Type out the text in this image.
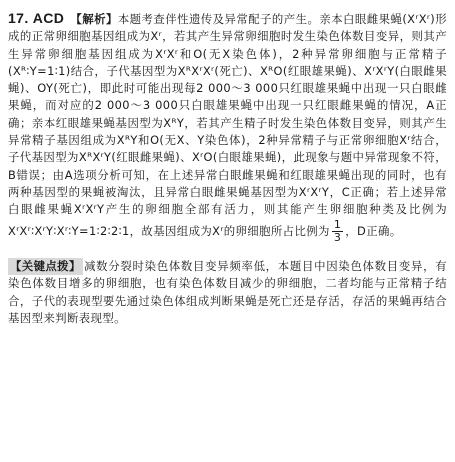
17. ACD 【解析】本题考查伴性遗传及异常配子的产生。亲本白眼雌果蝇(XʳXʳ)形成的正常卵细胞基因组成为Xʳ，若其产生异常卵细胞时发生染色体数目变异，则其产生异常卵细胞基因组成为XʳXʳ和O(无X染色体)，2种异常卵细胞与正常精子(Xᴿ∶Y=1∶1)结合，子代基因型为XᴿXʳXʳ(死亡)、XᴿO(红眼雄果蝇)、XʳXʳY(白眼雌果蝇)、OY(死亡)，即此时可能出现每2 000～3 000只红眼雄果蝇中出现一只白眼雌果蝇，而对应的2 000～3 000只白眼雄果蝇中出现一只红眼雌果蝇的情况，A正确；亲本红眼雄果蝇基因型为XᴿY，若其产生精子时发生染色体数目变异，则其产生异常精子基因组成为XᴿY和O(无X、Y染色体)，2种异常精子与正常卵细胞Xʳ结合，子代基因型为XᴿXʳY(红眼雌果蝇)、XʳO(白眼雄果蝇)，此现象与题中异常现象不符，B错误；由A选项分析可知，在上述异常白眼雌果蝇和红眼雄果蝇出现的同时，也有两种基因型的果蝇被淘汰，且异常白眼雌果蝇基因型为XʳXʳY，C正确；若上述异常白眼雌果蝇XʳXʳY产生的卵细胞全部有活力，则其能产生卵细胞种类及比例为XʳXʳ∶XʳY∶Xʳ∶Y=1∶2∶2∶1，故基因组成为Xʳ的卵细胞所占比例为 $\frac{1}{3}$ ，D正确。
【关键点拨】 减数分裂时染色体数目变异频率低，本题目中因染色体数目变异，有染色体数目增多的卵细胞，也有染色体数目减少的卵细胞，二者均能与正常精子结合，子代的表现型要先通过染色体组成判断果蝇是死亡还是存活，存活的果蝇再结合基因型来判断表现型。
